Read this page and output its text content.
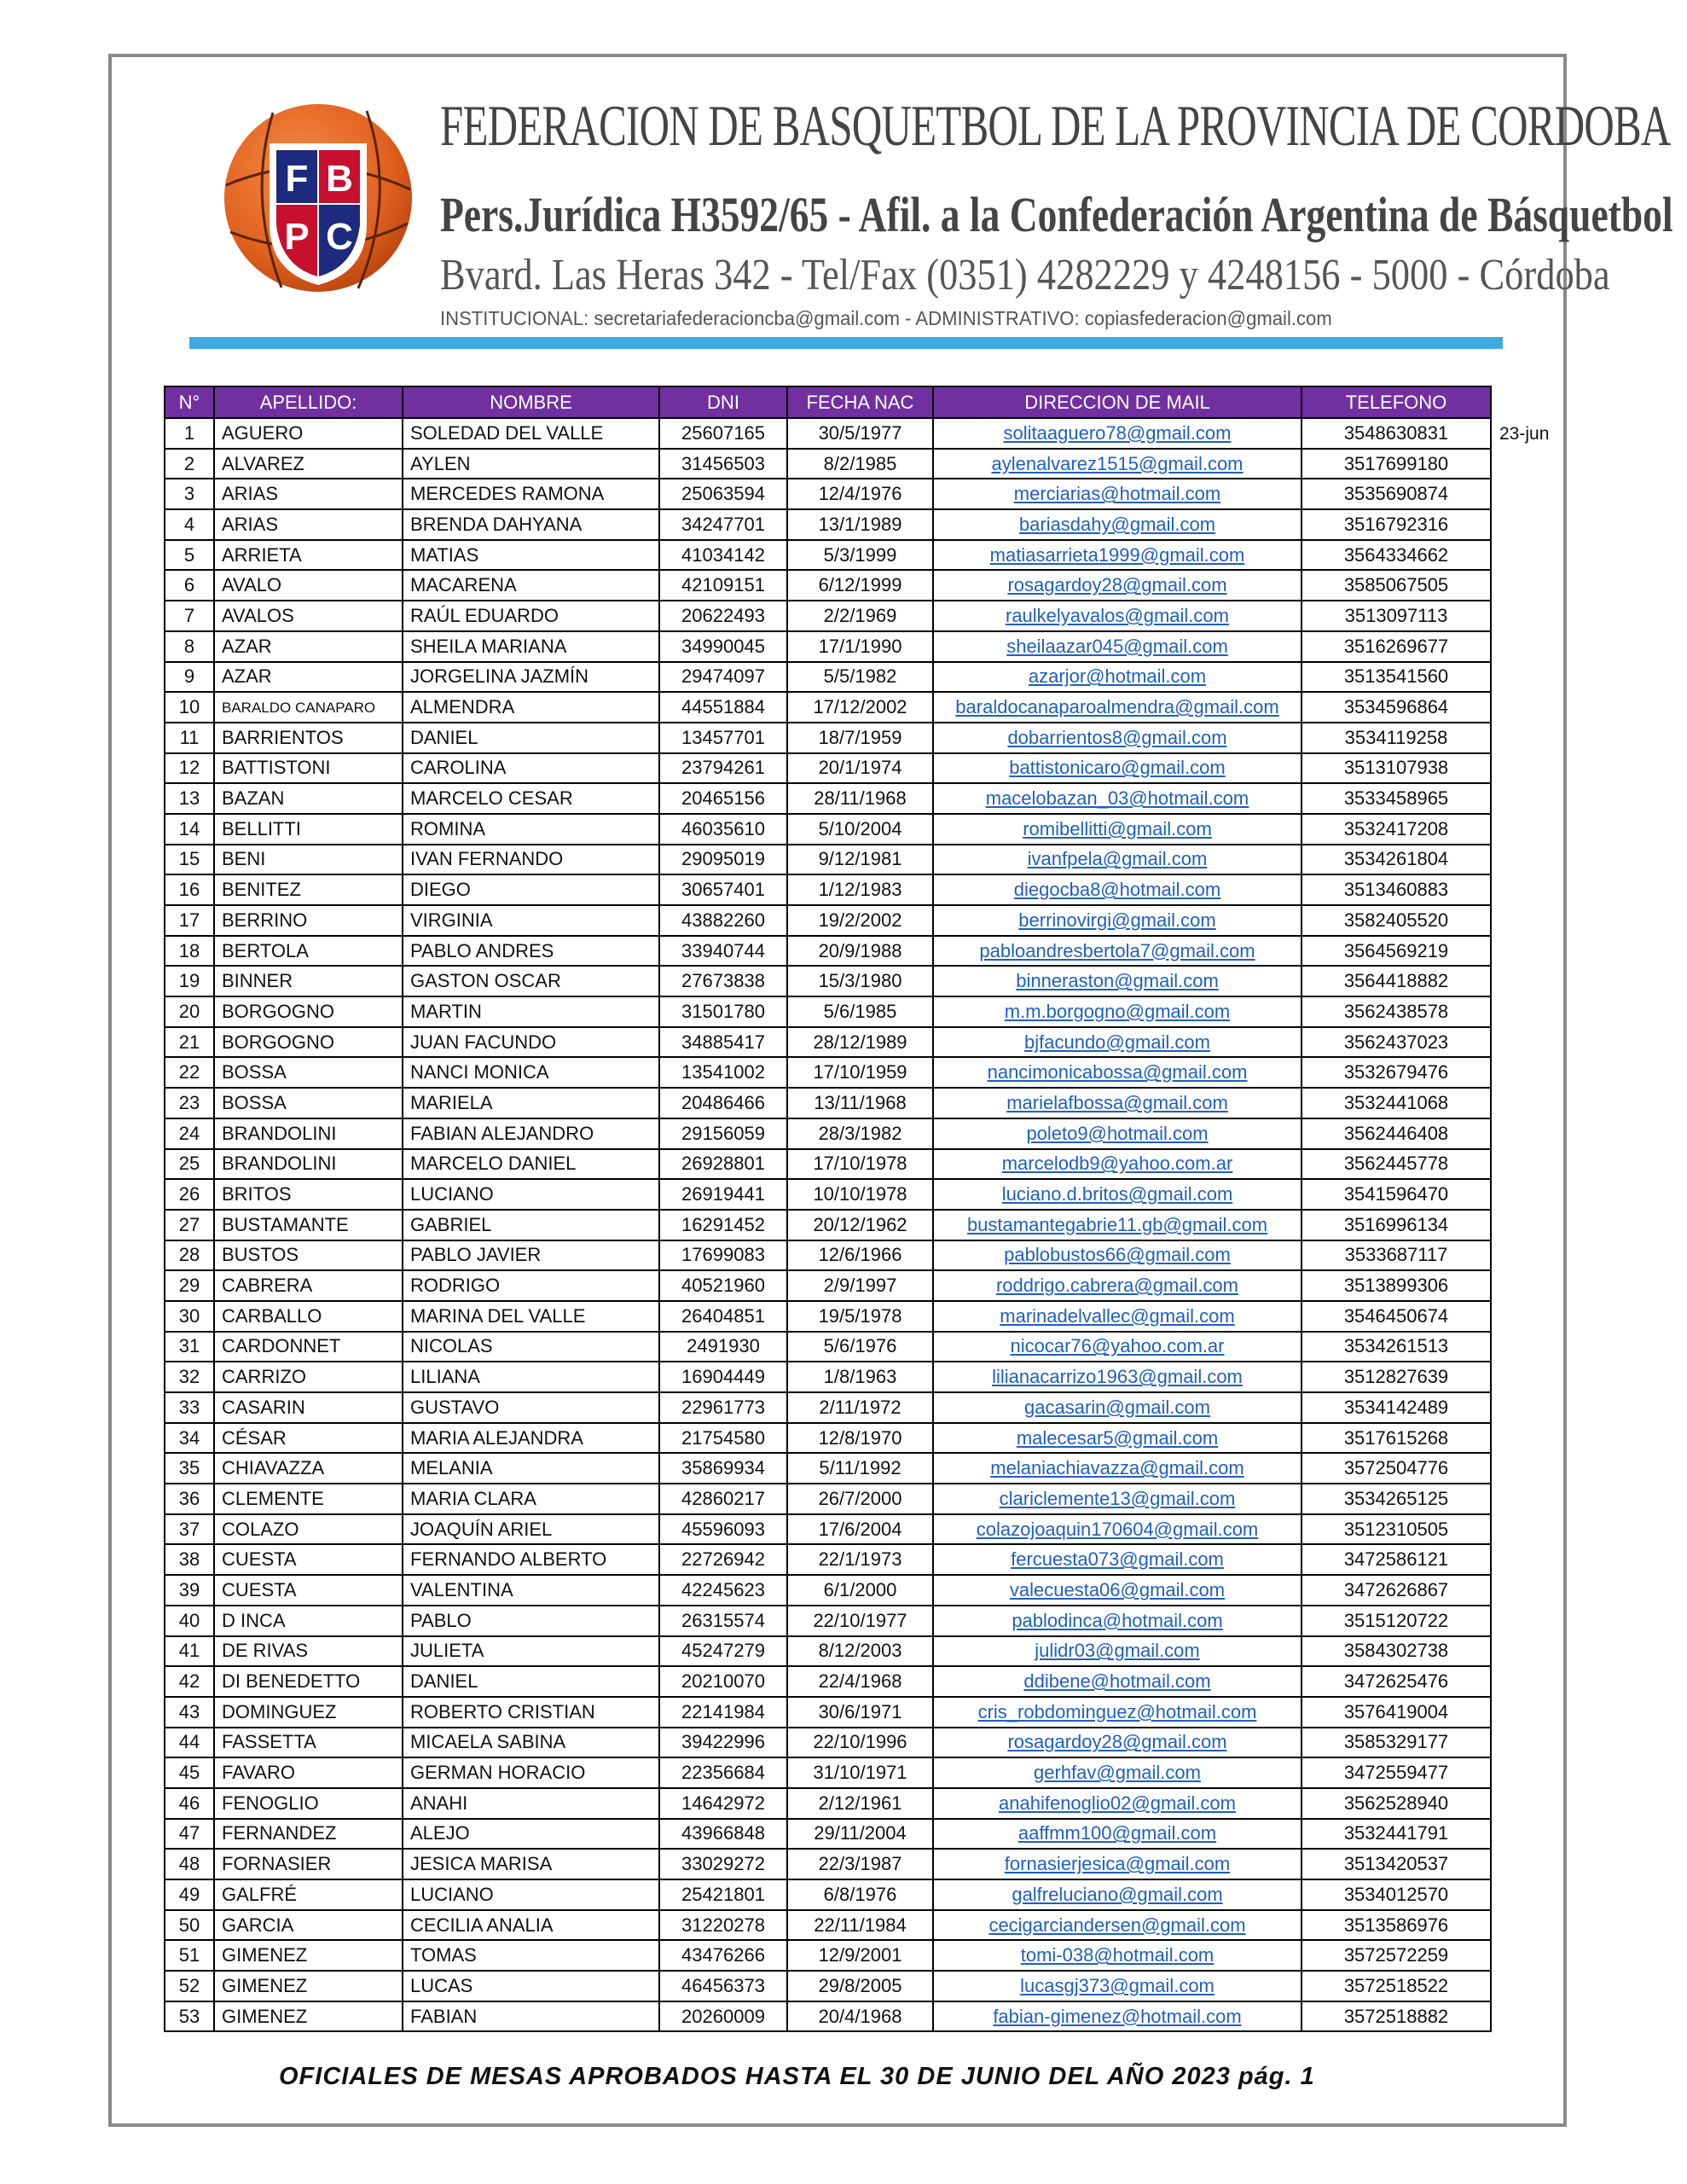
F B
P C
FEDERACION DE BASQUETBOL DE LA PROVINCIA DE CORDOBA
Pers.Jurídica H3592/65 - Afil. a la Confederación Argentina de Básquetbol
Bvard. Las Heras 342 - Tel/Fax (0351) 4282229 y 4248156 - 5000 - Córdoba
INSTITUCIONAL: secretariafederacioncba@gmail.com - ADMINISTRATIVO: copiasfederacion@gmail.com
N°	APELLIDO:	NOMBRE	DNI	FECHA NAC	DIRECCION DE MAIL	TELEFONO
1	AGUERO	SOLEDAD DEL VALLE	25607165	30/5/1977	solitaaguero78@gmail.com	3548630831
2	ALVAREZ	AYLEN	31456503	8/2/1985	aylenalvarez1515@gmail.com	3517699180
3	ARIAS	MERCEDES RAMONA	25063594	12/4/1976	merciarias@hotmail.com	3535690874
4	ARIAS	BRENDA DAHYANA	34247701	13/1/1989	bariasdahy@gmail.com	3516792316
5	ARRIETA	MATIAS	41034142	5/3/1999	matiasarrieta1999@gmail.com	3564334662
6	AVALO	MACARENA	42109151	6/12/1999	rosagardoy28@gmail.com	3585067505
7	AVALOS	RAÚL EDUARDO	20622493	2/2/1969	raulkelyavalos@gmail.com	3513097113
8	AZAR	SHEILA MARIANA	34990045	17/1/1990	sheilaazar045@gmail.com	3516269677
9	AZAR	JORGELINA JAZMÍN	29474097	5/5/1982	azarjor@hotmail.com	3513541560
10	BARALDO CANAPARO	ALMENDRA	44551884	17/12/2002	baraldocanaparoalmendra@gmail.com	3534596864
11	BARRIENTOS	DANIEL	13457701	18/7/1959	dobarrientos8@gmail.com	3534119258
12	BATTISTONI	CAROLINA	23794261	20/1/1974	battistonicaro@gmail.com	3513107938
13	BAZAN	MARCELO CESAR	20465156	28/11/1968	macelobazan_03@hotmail.com	3533458965
14	BELLITTI	ROMINA	46035610	5/10/2004	romibellitti@gmail.com	3532417208
15	BENI	IVAN FERNANDO	29095019	9/12/1981	ivanfpela@gmail.com	3534261804
16	BENITEZ	DIEGO	30657401	1/12/1983	diegocba8@hotmail.com	3513460883
17	BERRINO	VIRGINIA	43882260	19/2/2002	berrinovirgi@gmail.com	3582405520
18	BERTOLA	PABLO ANDRES	33940744	20/9/1988	pabloandresbertola7@gmail.com	3564569219
19	BINNER	GASTON OSCAR	27673838	15/3/1980	binneraston@gmail.com	3564418882
20	BORGOGNO	MARTIN	31501780	5/6/1985	m.m.borgogno@gmail.com	3562438578
21	BORGOGNO	JUAN FACUNDO	34885417	28/12/1989	bjfacundo@gmail.com	3562437023
22	BOSSA	NANCI MONICA	13541002	17/10/1959	nancimonicabossa@gmail.com	3532679476
23	BOSSA	MARIELA	20486466	13/11/1968	marielafbossa@gmail.com	3532441068
24	BRANDOLINI	FABIAN ALEJANDRO	29156059	28/3/1982	poleto9@hotmail.com	3562446408
25	BRANDOLINI	MARCELO DANIEL	26928801	17/10/1978	marcelodb9@yahoo.com.ar	3562445778
26	BRITOS	LUCIANO	26919441	10/10/1978	luciano.d.britos@gmail.com	3541596470
27	BUSTAMANTE	GABRIEL	16291452	20/12/1962	bustamantegabrie11.gb@gmail.com	3516996134
28	BUSTOS	PABLO JAVIER	17699083	12/6/1966	pablobustos66@gmail.com	3533687117
29	CABRERA	RODRIGO	40521960	2/9/1997	roddrigo.cabrera@gmail.com	3513899306
30	CARBALLO	MARINA DEL VALLE	26404851	19/5/1978	marinadelvallec@gmail.com	3546450674
31	CARDONNET	NICOLAS	2491930	5/6/1976	nicocar76@yahoo.com.ar	3534261513
32	CARRIZO	LILIANA	16904449	1/8/1963	lilianacarrizo1963@gmail.com	3512827639
33	CASARIN	GUSTAVO	22961773	2/11/1972	gacasarin@gmail.com	3534142489
34	CÉSAR	MARIA ALEJANDRA	21754580	12/8/1970	malecesar5@gmail.com	3517615268
35	CHIAVAZZA	MELANIA	35869934	5/11/1992	melaniachiavazza@gmail.com	3572504776
36	CLEMENTE	MARIA CLARA	42860217	26/7/2000	clariclemente13@gmail.com	3534265125
37	COLAZO	JOAQUÍN ARIEL	45596093	17/6/2004	colazojoaquin170604@gmail.com	3512310505
38	CUESTA	FERNANDO ALBERTO	22726942	22/1/1973	fercuesta073@gmail.com	3472586121
39	CUESTA	VALENTINA	42245623	6/1/2000	valecuesta06@gmail.com	3472626867
40	D INCA	PABLO	26315574	22/10/1977	pablodinca@hotmail.com	3515120722
41	DE RIVAS	JULIETA	45247279	8/12/2003	julidr03@gmail.com	3584302738
42	DI BENEDETTO	DANIEL	20210070	22/4/1968	ddibene@hotmail.com	3472625476
43	DOMINGUEZ	ROBERTO CRISTIAN	22141984	30/6/1971	cris_robdominguez@hotmail.com	3576419004
44	FASSETTA	MICAELA SABINA	39422996	22/10/1996	rosagardoy28@gmail.com	3585329177
45	FAVARO	GERMAN HORACIO	22356684	31/10/1971	gerhfav@gmail.com	3472559477
46	FENOGLIO	ANAHI	14642972	2/12/1961	anahifenoglio02@gmail.com	3562528940
47	FERNANDEZ	ALEJO	43966848	29/11/2004	aaffmm100@gmail.com	3532441791
48	FORNASIER	JESICA MARISA	33029272	22/3/1987	fornasierjesica@gmail.com	3513420537
49	GALFRÉ	LUCIANO	25421801	6/8/1976	galfreluciano@gmail.com	3534012570
50	GARCIA	CECILIA ANALIA	31220278	22/11/1984	cecigarciandersen@gmail.com	3513586976
51	GIMENEZ	TOMAS	43476266	12/9/2001	tomi-038@hotmail.com	3572572259
52	GIMENEZ	LUCAS	46456373	29/8/2005	lucasgj373@gmail.com	3572518522
53	GIMENEZ	FABIAN	20260009	20/4/1968	fabian-gimenez@hotmail.com	3572518882
23-jun
OFICIALES DE MESAS APROBADOS HASTA EL 30 DE JUNIO DEL AÑO 2023 pág. 1
